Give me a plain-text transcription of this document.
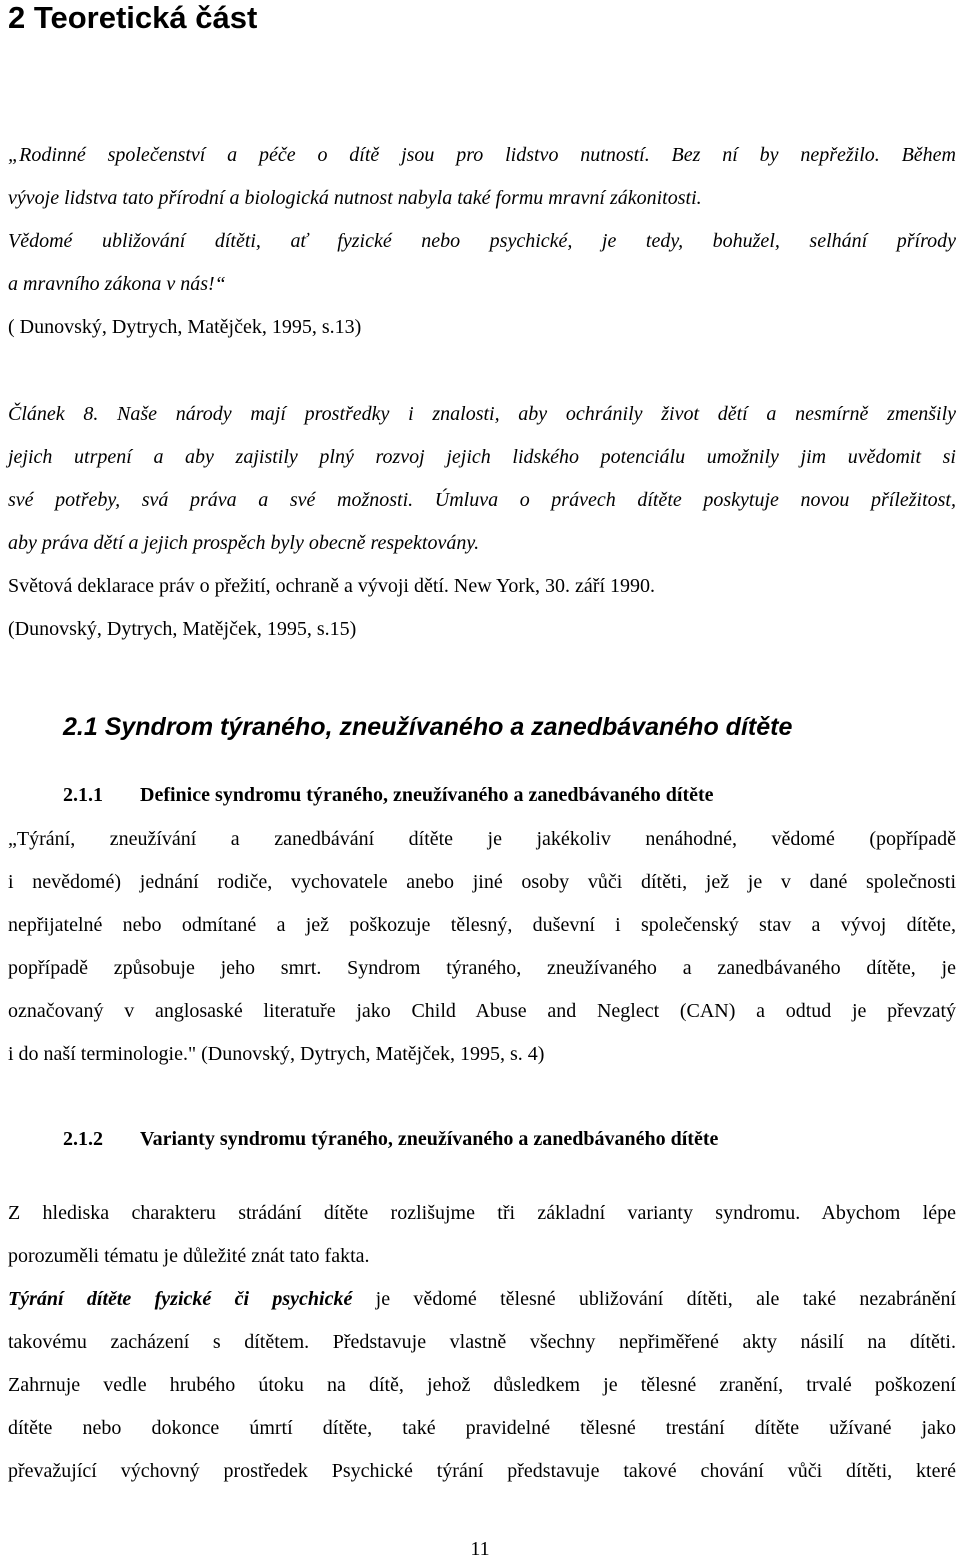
2 Teoretická část
„Rodinné společenství a péče o dítě jsou pro lidstvo nutností. Bez ní by nepřežilo. Během
vývoje lidstva tato přírodní a biologická nutnost nabyla také formu mravní zákonitosti.
Vědomé ubližování dítěti, ať fyzické nebo psychické, je tedy, bohužel, selhání přírody
a mravního zákona v nás!“
( Dunovský, Dytrych, Matějček, 1995, s.13)
Článek 8. Naše národy mají prostředky i znalosti, aby ochránily život dětí a nesmírně zmenšily
jejich utrpení a aby zajistily plný rozvoj jejich lidského potenciálu umožnily jim uvědomit si
své potřeby, svá práva a své možnosti. Úmluva o právech dítěte poskytuje novou příležitost,
aby práva dětí a jejich prospěch byly obecně respektovány.
Světová deklarace práv o přežití, ochraně a vývoji dětí. New York, 30. září 1990.
(Dunovský, Dytrych, Matějček, 1995, s.15)
2.1 Syndrom týraného, zneužívaného a zanedbávaného dítěte
2.1.1 Definice syndromu týraného, zneužívaného a zanedbávaného dítěte
„Týrání, zneužívání a zanedbávání dítěte je jakékoliv nenáhodné, vědomé (popřípadě
i nevědomé) jednání rodiče, vychovatele anebo jiné osoby vůči dítěti, jež je v dané společnosti
nepřijatelné nebo odmítané a jež poškozuje tělesný, duševní i společenský stav a vývoj dítěte,
popřípadě způsobuje jeho smrt. Syndrom týraného, zneužívaného a zanedbávaného dítěte, je
označovaný v anglosaské literatuře jako Child Abuse and Neglect (CAN) a odtud je převzatý
i do naší terminologie." (Dunovský, Dytrych, Matějček, 1995, s. 4)
2.1.2 Varianty syndromu týraného, zneužívaného a zanedbávaného dítěte
Z hlediska charakteru strádání dítěte rozlišujme tři základní varianty syndromu. Abychom lépe
porozuměli tématu je důležité znát tato fakta.
Týrání dítěte fyzické či psychické je vědomé tělesné ubližování dítěti, ale také nezabránění
takovému zacházení s dítětem. Představuje vlastně všechny nepřiměřené akty násilí na dítěti.
Zahrnuje vedle hrubého útoku na dítě, jehož důsledkem je tělesné zranění, trvalé poškození
dítěte nebo dokonce úmrtí dítěte, také pravidelné tělesné trestání dítěte užívané jako
převažující výchovný prostředek Psychické týrání představuje takové chování vůči dítěti, které
11
